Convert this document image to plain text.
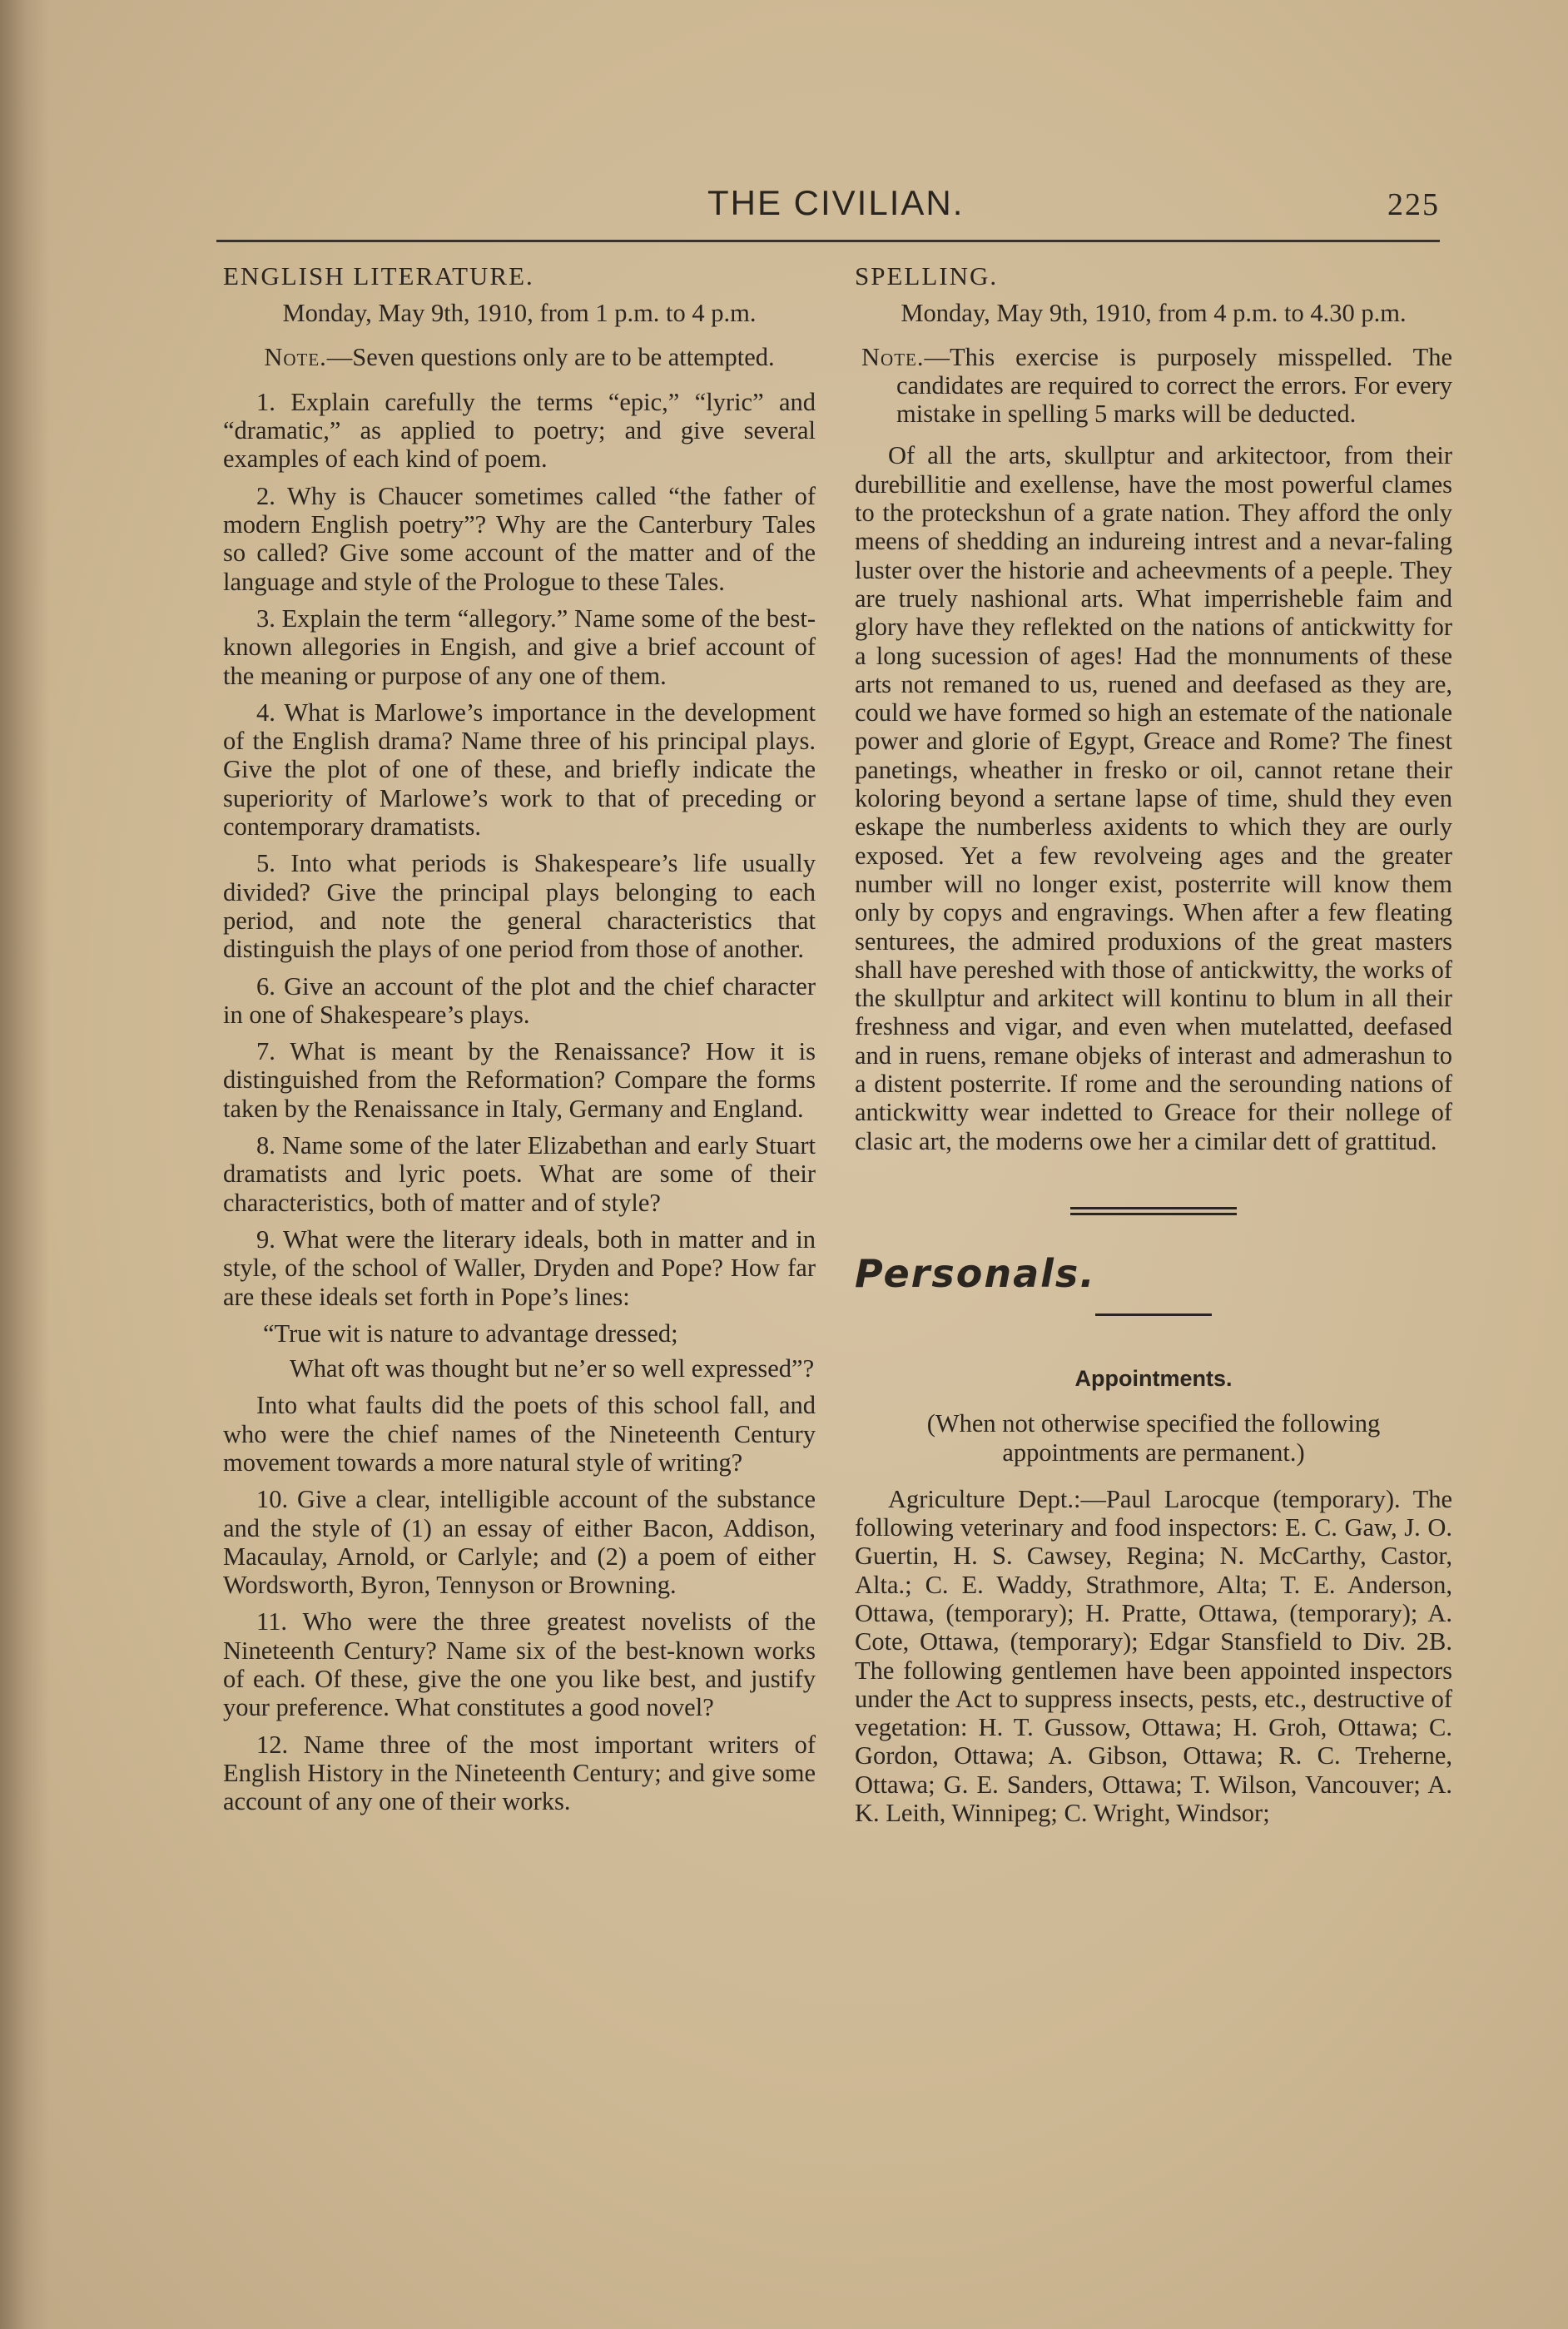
THE CIVILIAN.	225

ENGLISH LITERATURE.

Monday, May 9th, 1910, from 1 p.m. to 4 p.m.

Note.—Seven questions only are to be attempted.

1. Explain carefully the terms “epic,” “lyric” and “dramatic,” as applied to poetry; and give several examples of each kind of poem.

2. Why is Chaucer sometimes called “the father of modern English poetry”? Why are the Canterbury Tales so called? Give some account of the matter and of the language and style of the Prologue to these Tales.

3. Explain the term “allegory.” Name some of the best-known allegories in Engish, and give a brief account of the meaning or purpose of any one of them.

4. What is Marlowe’s importance in the development of the English drama? Name three of his principal plays. Give the plot of one of these, and briefly indicate the superiority of Marlowe’s work to that of preceding or contemporary dramatists.

5. Into what periods is Shakespeare’s life usually divided? Give the principal plays belonging to each period, and note the general characteristics that distinguish the plays of one period from those of another.

6. Give an account of the plot and the chief character in one of Shakespeare’s plays.

7. What is meant by the Renaissance? How it is distinguished from the Reformation? Compare the forms taken by the Renaissance in Italy, Germany and England.

8. Name some of the later Elizabethan and early Stuart dramatists and lyric poets. What are some of their characteristics, both of matter and of style?

9. What were the literary ideals, both in matter and in style, of the school of Waller, Dryden and Pope? How far are these ideals set forth in Pope’s lines:

“True wit is nature to advantage dressed;

What oft was thought but ne’er so well expressed”?

Into what faults did the poets of this school fall, and who were the chief names of the Nineteenth Century movement towards a more natural style of writing?

10. Give a clear, intelligible account of the substance and the style of (1) an essay of either Bacon, Addison, Macaulay, Arnold, or Carlyle; and (2) a poem of either Wordsworth, Byron, Tennyson or Browning.

11. Who were the three greatest novelists of the Nineteenth Century? Name six of the best-known works of each. Of these, give the one you like best, and justify your preference. What constitutes a good novel?

12. Name three of the most important writers of English History in the Nineteenth Century; and give some account of any one of their works.

SPELLING.

Monday, May 9th, 1910, from 4 p.m. to 4.30 p.m.

Note.—This exercise is purposely misspelled. The candidates are required to correct the errors. For every mistake in spelling 5 marks will be deducted.

Of all the arts, skullptur and arkitectoor, from their durebillitie and exellense, have the most powerful clames to the proteckshun of a grate nation. They afford the only meens of shedding an indureing intrest and a nevar-faling luster over the historie and acheevments of a peeple. They are truely nashional arts. What imperrisheble faim and glory have they reflekted on the nations of antickwitty for a long sucession of ages! Had the monnuments of these arts not remaned to us, ruened and deefased as they are, could we have formed so high an estemate of the nationale power and glorie of Egypt, Greace and Rome? The finest panetings, wheather in fresko or oil, cannot retane their koloring beyond a sertane lapse of time, shuld they even eskape the numberless axidents to which they are ourly exposed. Yet a few revolveing ages and the greater number will no longer exist, posterrite will know them only by copys and engravings. When after a few fleating senturees, the admired produxions of the great masters shall have pereshed with those of antickwitty, the works of the skullptur and arkitect will kontinu to blum in all their freshness and vigar, and even when mutelatted, deefased and in ruens, remane objeks of interast and admerashun to a distent posterrite. If rome and the serounding nations of antickwitty wear indetted to Greace for their nollege of clasic art, the moderns owe her a cimilar dett of grattitud.

Personals.

Appointments.

(When not otherwise specified the following appointments are permanent.)

Agriculture Dept.:—Paul Larocque (temporary). The following veterinary and food inspectors: E. C. Gaw, J. O. Guertin, H. S. Cawsey, Regina; N. McCarthy, Castor, Alta.; C. E. Waddy, Strathmore, Alta; T. E. Anderson, Ottawa, (temporary); H. Pratte, Ottawa, (temporary); A. Cote, Ottawa, (temporary); Edgar Stansfield to Div. 2B. The following gentlemen have been appointed inspectors under the Act to suppress insects, pests, etc., destructive of vegetation: H. T. Gussow, Ottawa; H. Groh, Ottawa; C. Gordon, Ottawa; A. Gibson, Ottawa; R. C. Treherne, Ottawa; G. E. Sanders, Ottawa; T. Wilson, Vancouver; A. K. Leith, Winnipeg; C. Wright, Windsor;
